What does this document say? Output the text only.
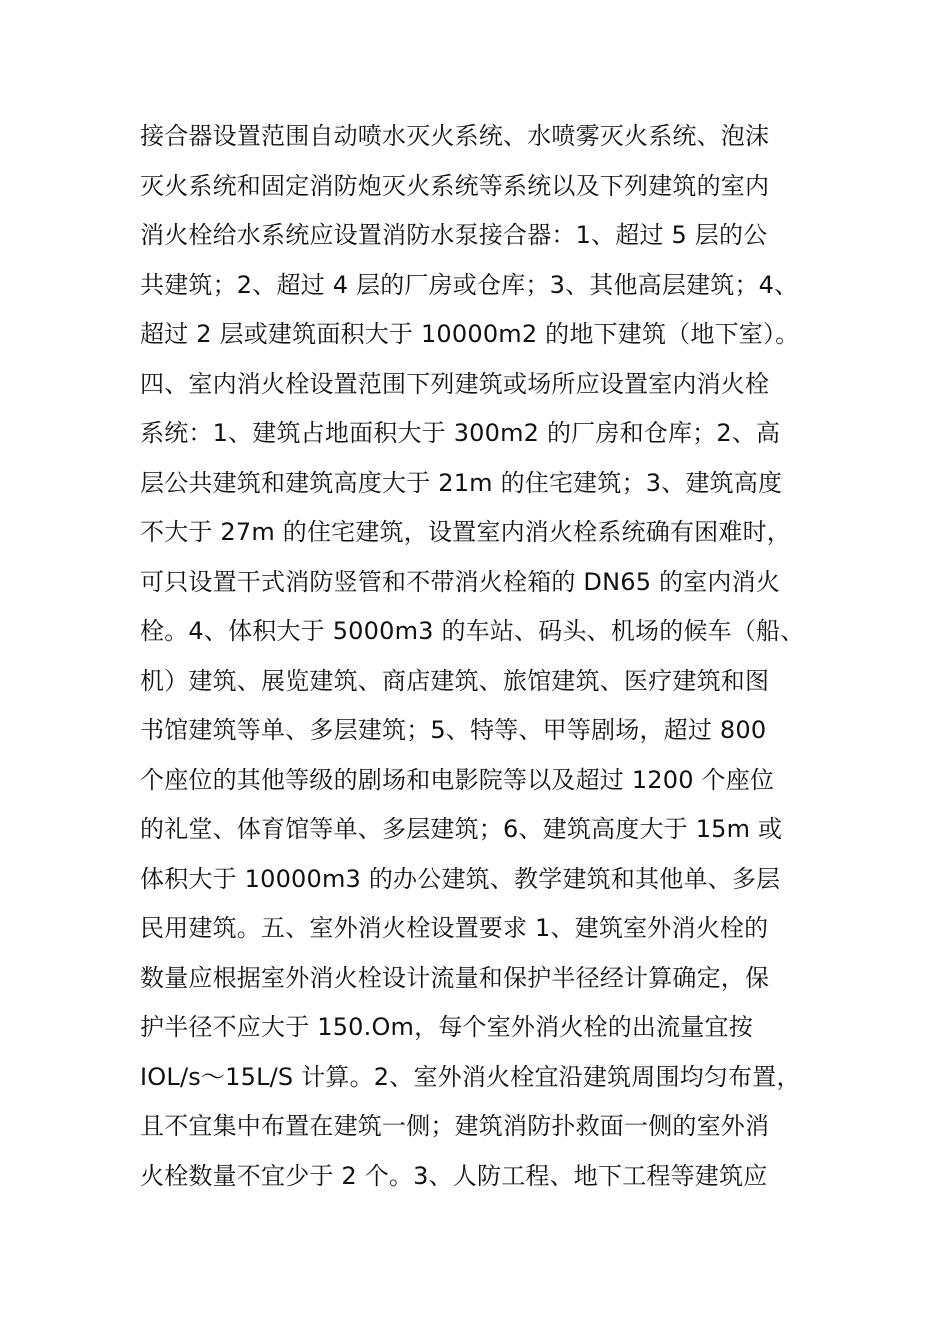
接合器设置范围自动喷水灭火系统、水喷雾灭火系统、泡沫
灭火系统和固定消防炮灭火系统等系统以及下列建筑的室内
消火栓给水系统应设置消防水泵接合器：1、超过 5 层的公
共建筑；2、超过 4 层的厂房或仓库；3、其他高层建筑；4、
超过 2 层或建筑面积大于 10000m2 的地下建筑（地下室）。
四、室内消火栓设置范围下列建筑或场所应设置室内消火栓
系统：1、建筑占地面积大于 300m2 的厂房和仓库；2、高
层公共建筑和建筑高度大于 21m 的住宅建筑；3、建筑高度
不大于 27m 的住宅建筑，设置室内消火栓系统确有困难时，
可只设置干式消防竖管和不带消火栓箱的 DN65 的室内消火
栓。4、体积大于 5000m3 的车站、码头、机场的候车（船、
机）建筑、展览建筑、商店建筑、旅馆建筑、医疗建筑和图
书馆建筑等单、多层建筑；5、特等、甲等剧场，超过 800
个座位的其他等级的剧场和电影院等以及超过 1200 个座位
的礼堂、体育馆等单、多层建筑；6、建筑高度大于 15m 或
体积大于 10000m3 的办公建筑、教学建筑和其他单、多层
民用建筑。五、室外消火栓设置要求 1、建筑室外消火栓的
数量应根据室外消火栓设计流量和保护半径经计算确定，保
护半径不应大于 150.Om，每个室外消火栓的出流量宜按
IOL/s〜15L/S 计算。2、室外消火栓宜沿建筑周围均匀布置，
且不宜集中布置在建筑一侧；建筑消防扑救面一侧的室外消
火栓数量不宜少于 2 个。3、人防工程、地下工程等建筑应
